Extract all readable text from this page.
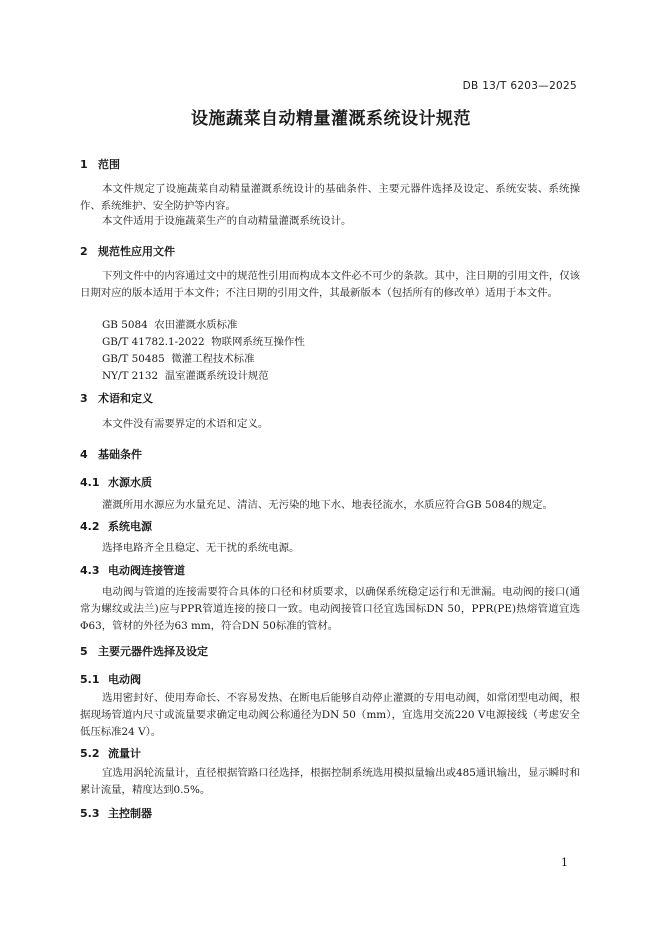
DB 13/T 6203—2025
设施蔬菜自动精量灌溉系统设计规范
1 范围
本文件规定了设施蔬菜自动精量灌溉系统设计的基础条件、主要元器件选择及设定、系统安装、系统操作、系统维护、安全防护等内容。
本文件适用于设施蔬菜生产的自动精量灌溉系统设计。
2 规范性应用文件
下列文件中的内容通过文中的规范性引用而构成本文件必不可少的条款。其中，注日期的引用文件，仅该日期对应的版本适用于本文件；不注日期的引用文件，其最新版本（包括所有的修改单）适用于本文件。
GB 5084  农田灌溉水质标准
GB/T 41782.1-2022  物联网系统互操作性
GB/T 50485  微灌工程技术标准
NY/T 2132  温室灌溉系统设计规范
3 术语和定义
本文件没有需要界定的术语和定义。
4 基础条件
4.1 水源水质
灌溉所用水源应为水量充足、清洁、无污染的地下水、地表径流水，水质应符合GB 5084的规定。
4.2 系统电源
选择电路齐全且稳定、无干扰的系统电源。
4.3 电动阀连接管道
电动阀与管道的连接需要符合具体的口径和材质要求，以确保系统稳定运行和无泄漏。电动阀的接口(通常为螺纹或法兰)应与PPR管道连接的接口一致。电动阀接管口径宜选国标DN 50，PPR(PE)热熔管道宜选Φ63，管材的外径为63 mm，符合DN 50标准的管材。
5 主要元器件选择及设定
5.1 电动阀
选用密封好、使用寿命长、不容易发热、在断电后能够自动停止灌溉的专用电动阀，如常闭型电动阀，根据现场管道内尺寸或流量要求确定电动阀公称通径为DN 50（mm），宜选用交流220 V电源接线（考虑安全低压标准24 V）。
5.2 流量计
宜选用涡轮流量计，直径根据管路口径选择，根据控制系统选用模拟量输出或485通讯输出，显示瞬时和累计流量，精度达到0.5%。
5.3 主控制器
1
